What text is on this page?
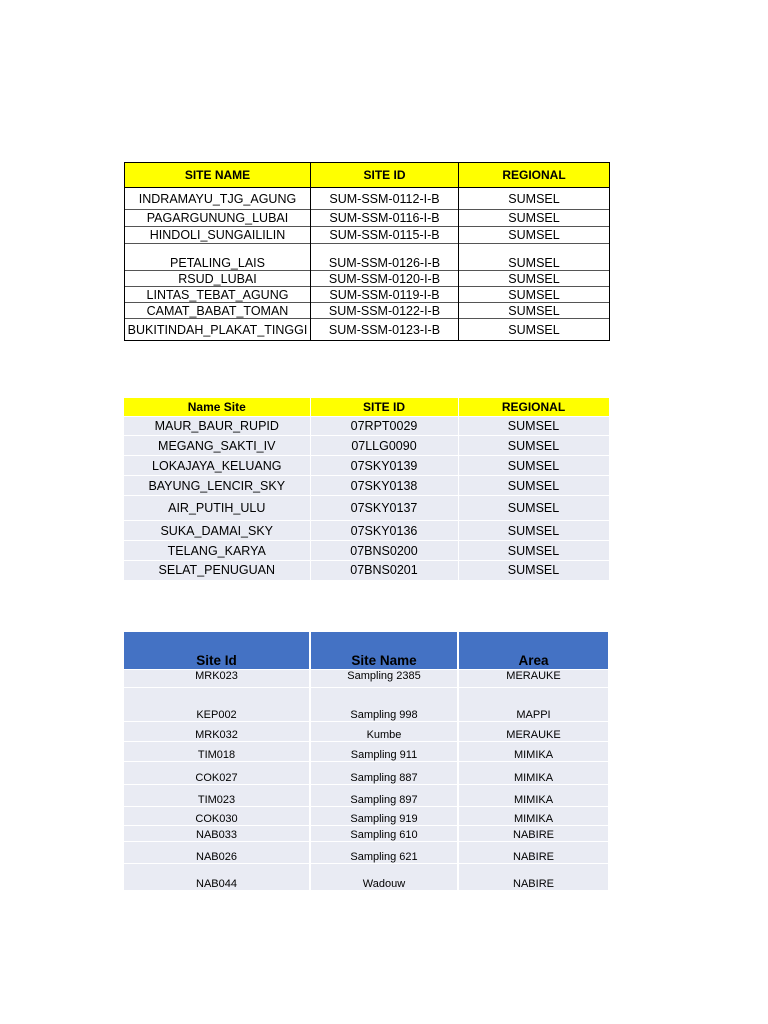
SITE NAME	SITE ID	REGIONAL
INDRAMAYU_TJG_AGUNG	SUM-SSM-0112-I-B	SUMSEL
PAGARGUNUNG_LUBAI	SUM-SSM-0116-I-B	SUMSEL
HINDOLI_SUNGAILILIN	SUM-SSM-0115-I-B	SUMSEL
PETALING_LAIS	SUM-SSM-0126-I-B	SUMSEL
RSUD_LUBAI	SUM-SSM-0120-I-B	SUMSEL
LINTAS_TEBAT_AGUNG	SUM-SSM-0119-I-B	SUMSEL
CAMAT_BABAT_TOMAN	SUM-SSM-0122-I-B	SUMSEL
BUKITINDAH_PLAKAT_TINGGI	SUM-SSM-0123-I-B	SUMSEL
Name Site	SITE ID	REGIONAL
MAUR_BAUR_RUPID	07RPT0029	SUMSEL
MEGANG_SAKTI_IV	07LLG0090	SUMSEL
LOKAJAYA_KELUANG	07SKY0139	SUMSEL
BAYUNG_LENCIR_SKY	07SKY0138	SUMSEL
AIR_PUTIH_ULU	07SKY0137	SUMSEL
SUKA_DAMAI_SKY	07SKY0136	SUMSEL
TELANG_KARYA	07BNS0200	SUMSEL
SELAT_PENUGUAN	07BNS0201	SUMSEL
Site Id	Site Name	Area
MRK023	Sampling 2385	MERAUKE
KEP002	Sampling 998	MAPPI
MRK032	Kumbe	MERAUKE
TIM018	Sampling 911	MIMIKA
COK027	Sampling 887	MIMIKA
TIM023	Sampling 897	MIMIKA
COK030	Sampling 919	MIMIKA
NAB033	Sampling 610	NABIRE
NAB026	Sampling 621	NABIRE
NAB044	Wadouw	NABIRE
